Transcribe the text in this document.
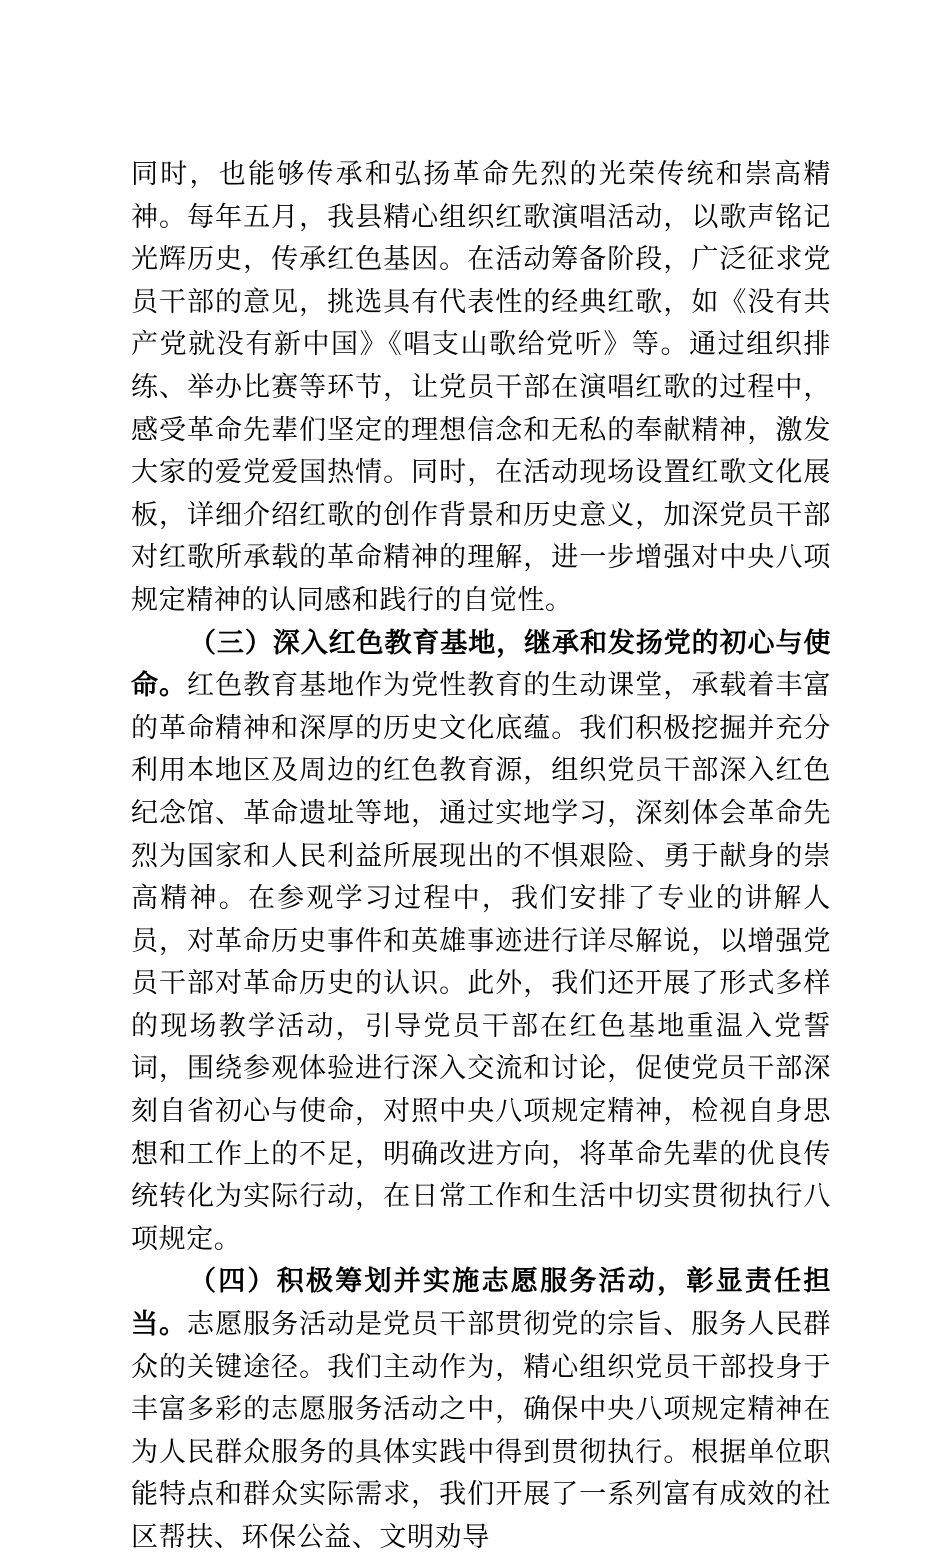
同时，也能够传承和弘扬革命先烈的光荣传统和崇高精神。每年五月，我县精心组织红歌演唱活动，以歌声铭记光辉历史，传承红色基因。在活动筹备阶段，广泛征求党员干部的意见，挑选具有代表性的经典红歌，如《没有共产党就没有新中国》《唱支山歌给党听》等。通过组织排练、举办比赛等环节，让党员干部在演唱红歌的过程中，感受革命先辈们坚定的理想信念和无私的奉献精神，激发大家的爱党爱国热情。同时，在活动现场设置红歌文化展板，详细介绍红歌的创作背景和历史意义，加深党员干部对红歌所承载的革命精神的理解，进一步增强对中央八项规定精神的认同感和践行的自觉性。

（三）深入红色教育基地，继承和发扬党的初心与使命。红色教育基地作为党性教育的生动课堂，承载着丰富的革命精神和深厚的历史文化底蕴。我们积极挖掘并充分利用本地区及周边的红色教育源，组织党员干部深入红色纪念馆、革命遗址等地，通过实地学习，深刻体会革命先烈为国家和人民利益所展现出的不惧艰险、勇于献身的崇高精神。在参观学习过程中，我们安排了专业的讲解人员，对革命历史事件和英雄事迹进行详尽解说，以增强党员干部对革命历史的认识。此外，我们还开展了形式多样的现场教学活动，引导党员干部在红色基地重温入党誓词，围绕参观体验进行深入交流和讨论，促使党员干部深刻自省初心与使命，对照中央八项规定精神，检视自身思想和工作上的不足，明确改进方向，将革命先辈的优良传统转化为实际行动，在日常工作和生活中切实贯彻执行八项规定。

（四）积极筹划并实施志愿服务活动，彰显责任担当。志愿服务活动是党员干部贯彻党的宗旨、服务人民群众的关键途径。我们主动作为，精心组织党员干部投身于丰富多彩的志愿服务活动之中，确保中央八项规定精神在为人民群众服务的具体实践中得到贯彻执行。根据单位职能特点和群众实际需求，我们开展了一系列富有成效的社区帮扶、环保公益、文明劝导
